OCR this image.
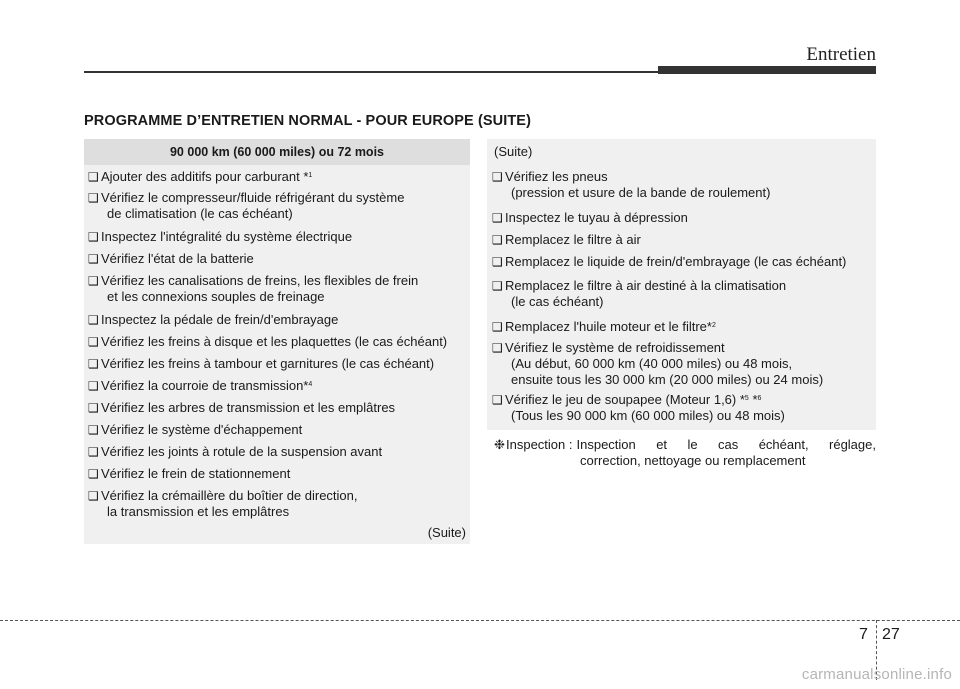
Entretien
PROGRAMME D’ENTRETIEN NORMAL - POUR EUROPE (SUITE)
90 000 km (60 000 miles) ou 72 mois
❑ Ajouter des additifs pour carburant *$^1$
❑ Vérifiez le compresseur/fluide réfrigérant du système
de climatisation (le cas échéant)
❑ Inspectez l'intégralité du système électrique
❑ Vérifiez l'état de la batterie
❑ Vérifiez les canalisations de freins, les flexibles de frein
et les connexions souples de freinage
❑ Inspectez la pédale de frein/d'embrayage
❑ Vérifiez les freins à disque et les plaquettes (le cas échéant)
❑ Vérifiez les freins à tambour et garnitures (le cas échéant)
❑ Vérifiez la courroie de transmission*$^4$
❑ Vérifiez les arbres de transmission et les emplâtres
❑ Vérifiez le système d'échappement
❑ Vérifiez les joints à rotule de la suspension avant
❑ Vérifiez le frein de stationnement
❑ Vérifiez la crémaillère du boîtier de direction,
la transmission et les emplâtres
(Suite)
(Suite)
❑ Vérifiez les pneus
(pression et usure de la bande de roulement)
❑ Inspectez le tuyau à dépression
❑ Remplacez le filtre à air
❑ Remplacez le liquide de frein/d'embrayage (le cas échéant)
❑ Remplacez le filtre à air destiné à la climatisation
(le cas échéant)
❑ Remplacez l'huile moteur et le filtre*$^2$
❑ Vérifiez le système de refroidissement
(Au début, 60 000 km (40 000 miles) ou 48 mois,
ensuite tous les 30 000 km (20 000 miles) ou 24 mois)
❑ Vérifiez le jeu de soupapee (Moteur 1,6) *$^5$ *$^6$
(Tous les 90 000 km (60 000 miles) ou 48 mois)
❉ Inspection : Inspection et le cas échéant, réglage,
correction, nettoyage ou remplacement
7 27
carmanualsonline.info
